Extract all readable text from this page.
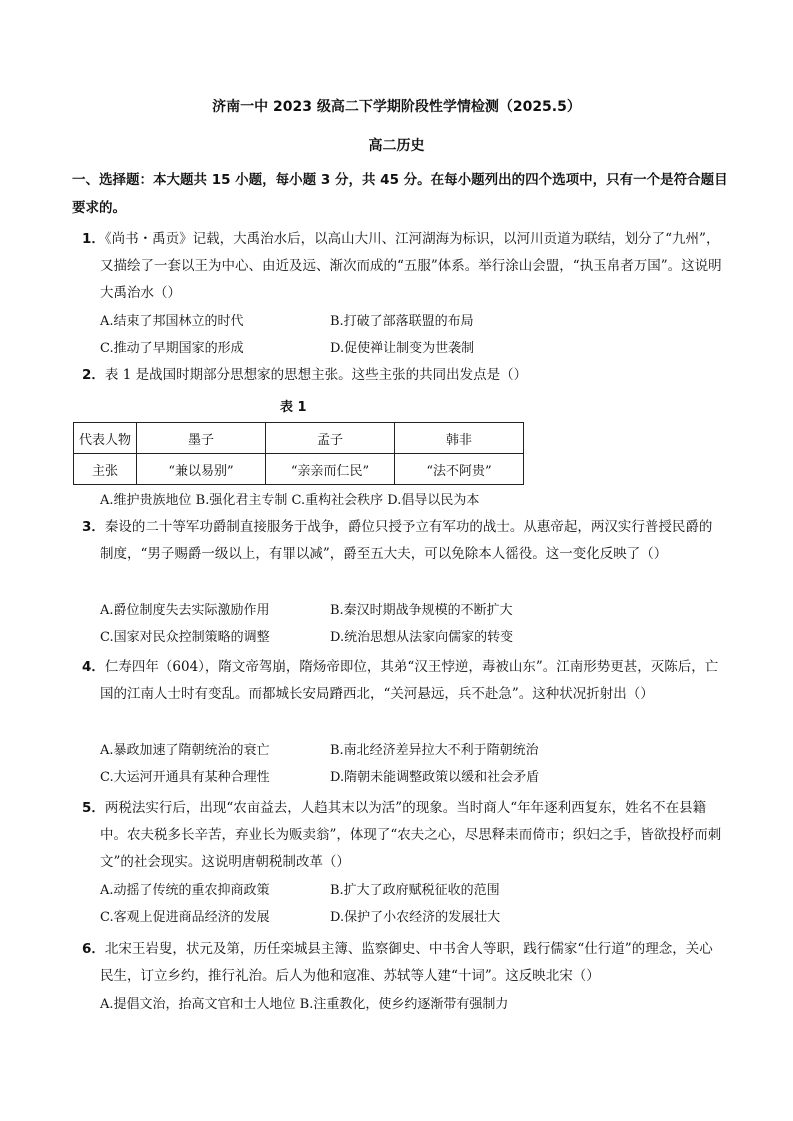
济南一中 2023 级高二下学期阶段性学情检测（2025.5）
高二历史
一、选择题：本大题共 15 小题，每小题 3 分，共 45 分。在每小题列出的四个选项中，只有一个是符合题目要求的。

1．《尚书・禹贡》记载，大禹治水后，以高山大川、江河湖海为标识，以河川贡道为联结，划分了“九州”，又描绘了一套以王为中心、由近及远、渐次而成的“五服”体系。举行涂山会盟，“执玉帛者万国”。这说明大禹治水（）

A.结束了邦国林立的时代	B.打破了部落联盟的布局
C.推动了早期国家的形成	D.促使禅让制变为世袭制

2．表 1 是战国时期部分思想家的思想主张。这些主张的共同出发点是（）

表 1
代表人物	墨子	孟子	韩非
主张	“兼以易别”	“亲亲而仁民”	“法不阿贵”
A.维护贵族地位 B.强化君主专制 C.重构社会秩序 D.倡导以民为本

3．秦设的二十等军功爵制直接服务于战争，爵位只授予立有军功的战士。从惠帝起，两汉实行普授民爵的制度，“男子赐爵一级以上，有罪以减”，爵至五大夫，可以免除本人徭役。这一变化反映了（）

A.爵位制度失去实际激励作用	B.秦汉时期战争规模的不断扩大
C.国家对民众控制策略的调整	D.统治思想从法家向儒家的转变

4．仁寿四年（604），隋文帝驾崩，隋炀帝即位，其弟“汉王悖逆，毒被山东”。江南形势更甚，灭陈后，亡国的江南人士时有变乱。而都城长安局蹐西北，“关河悬远，兵不赴急”。这种状况折射出（）

A.暴政加速了隋朝统治的衰亡	B.南北经济差异拉大不利于隋朝统治
C.大运河开通具有某种合理性	D.隋朝未能调整政策以缓和社会矛盾

5．两税法实行后，出现“农亩益去，人趋其末以为活”的现象。当时商人“年年逐利西复东，姓名不在县籍中。农夫税多长辛苦，弃业长为贩卖翁”，体现了“农夫之心，尽思释耒而倚市；织妇之手，皆欲投杼而刺文”的社会现实。这说明唐朝税制改革（）

A.动摇了传统的重农抑商政策	B.扩大了政府赋税征收的范围
C.客观上促进商品经济的发展	D.保护了小农经济的发展壮大

6．北宋王岩叟，状元及第，历任栾城县主簿、监察御史、中书舍人等职，践行儒家“仕行道”的理念，关心民生，订立乡约，推行礼治。后人为他和寇准、苏轼等人建“十词”。这反映北宋（）

A.提倡文治，抬高文官和士人地位 B.注重教化，使乡约逐渐带有强制力
